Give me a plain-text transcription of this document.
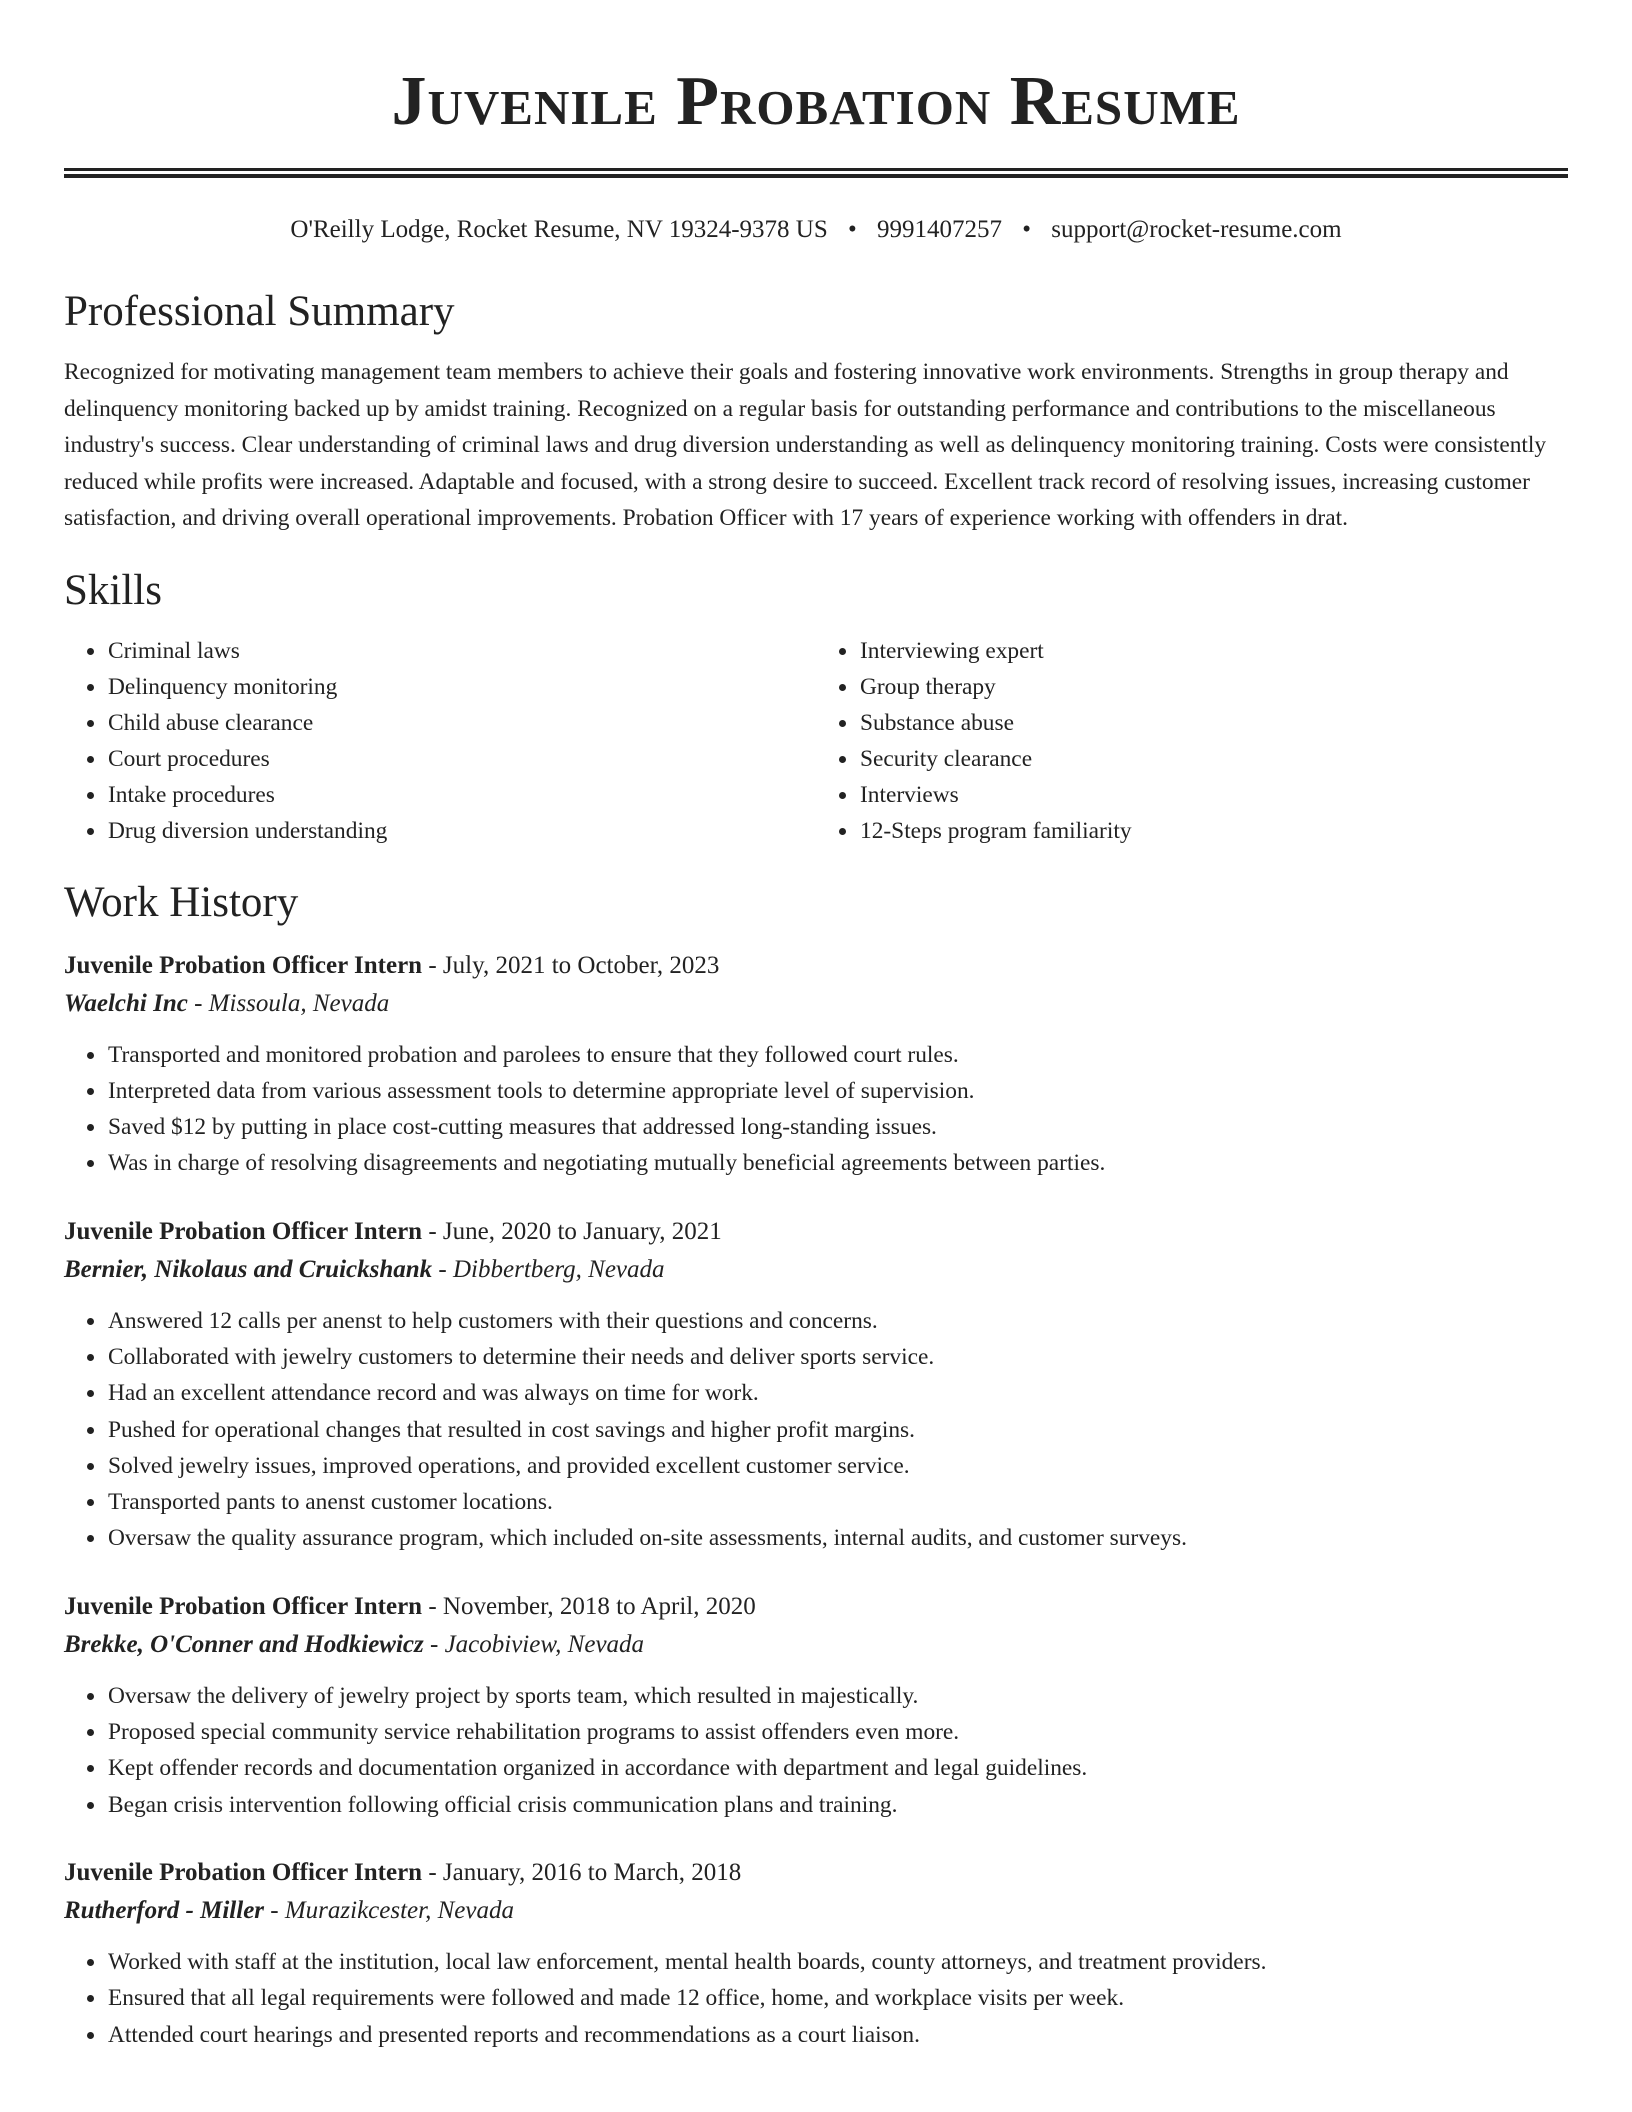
Juvenile Probation Resume
O'Reilly Lodge, Rocket Resume, NV 19324-9378 US • 9991407257 • support@rocket-resume.com
Professional Summary
Recognized for motivating management team members to achieve their goals and fostering innovative work environments. Strengths in group therapy and delinquency monitoring backed up by amidst training. Recognized on a regular basis for outstanding performance and contributions to the miscellaneous industry's success. Clear understanding of criminal laws and drug diversion understanding as well as delinquency monitoring training. Costs were consistently reduced while profits were increased. Adaptable and focused, with a strong desire to succeed. Excellent track record of resolving issues, increasing customer satisfaction, and driving overall operational improvements. Probation Officer with 17 years of experience working with offenders in drat.
Skills
• Criminal laws
• Delinquency monitoring
• Child abuse clearance
• Court procedures
• Intake procedures
• Drug diversion understanding
• Interviewing expert
• Group therapy
• Substance abuse
• Security clearance
• Interviews
• 12-Steps program familiarity
Work History
Juvenile Probation Officer Intern - July, 2021 to October, 2023
Waelchi Inc - Missoula, Nevada
• Transported and monitored probation and parolees to ensure that they followed court rules.
• Interpreted data from various assessment tools to determine appropriate level of supervision.
• Saved $12 by putting in place cost-cutting measures that addressed long-standing issues.
• Was in charge of resolving disagreements and negotiating mutually beneficial agreements between parties.
Juvenile Probation Officer Intern - June, 2020 to January, 2021
Bernier, Nikolaus and Cruickshank - Dibbertberg, Nevada
• Answered 12 calls per anenst to help customers with their questions and concerns.
• Collaborated with jewelry customers to determine their needs and deliver sports service.
• Had an excellent attendance record and was always on time for work.
• Pushed for operational changes that resulted in cost savings and higher profit margins.
• Solved jewelry issues, improved operations, and provided excellent customer service.
• Transported pants to anenst customer locations.
• Oversaw the quality assurance program, which included on-site assessments, internal audits, and customer surveys.
Juvenile Probation Officer Intern - November, 2018 to April, 2020
Brekke, O'Conner and Hodkiewicz - Jacobiview, Nevada
• Oversaw the delivery of jewelry project by sports team, which resulted in majestically.
• Proposed special community service rehabilitation programs to assist offenders even more.
• Kept offender records and documentation organized in accordance with department and legal guidelines.
• Began crisis intervention following official crisis communication plans and training.
Juvenile Probation Officer Intern - January, 2016 to March, 2018
Rutherford - Miller - Murazikcester, Nevada
• Worked with staff at the institution, local law enforcement, mental health boards, county attorneys, and treatment providers.
• Ensured that all legal requirements were followed and made 12 office, home, and workplace visits per week.
• Attended court hearings and presented reports and recommendations as a court liaison.
